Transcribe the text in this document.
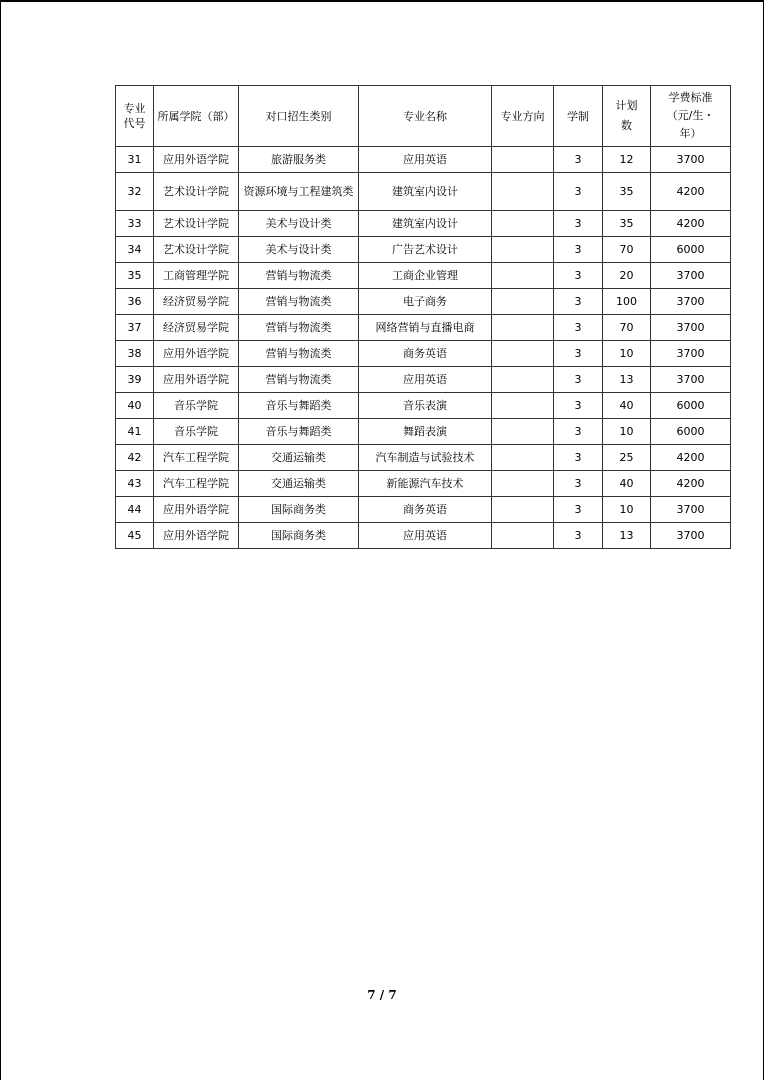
专业代号	所属学院（部）	对口招生类别	专业名称	专业方向	学制	计划数	学费标准（元/生・年）
31	应用外语学院	旅游服务类	应用英语		3	12	3700
32	艺术设计学院	资源环境与工程建筑类	建筑室内设计		3	35	4200
33	艺术设计学院	美术与设计类	建筑室内设计		3	35	4200
34	艺术设计学院	美术与设计类	广告艺术设计		3	70	6000
35	工商管理学院	营销与物流类	工商企业管理		3	20	3700
36	经济贸易学院	营销与物流类	电子商务		3	100	3700
37	经济贸易学院	营销与物流类	网络营销与直播电商		3	70	3700
38	应用外语学院	营销与物流类	商务英语		3	10	3700
39	应用外语学院	营销与物流类	应用英语		3	13	3700
40	音乐学院	音乐与舞蹈类	音乐表演		3	40	6000
41	音乐学院	音乐与舞蹈类	舞蹈表演		3	10	6000
42	汽车工程学院	交通运输类	汽车制造与试验技术		3	25	4200
43	汽车工程学院	交通运输类	新能源汽车技术		3	40	4200
44	应用外语学院	国际商务类	商务英语		3	10	3700
45	应用外语学院	国际商务类	应用英语		3	13	3700
7 / 7
